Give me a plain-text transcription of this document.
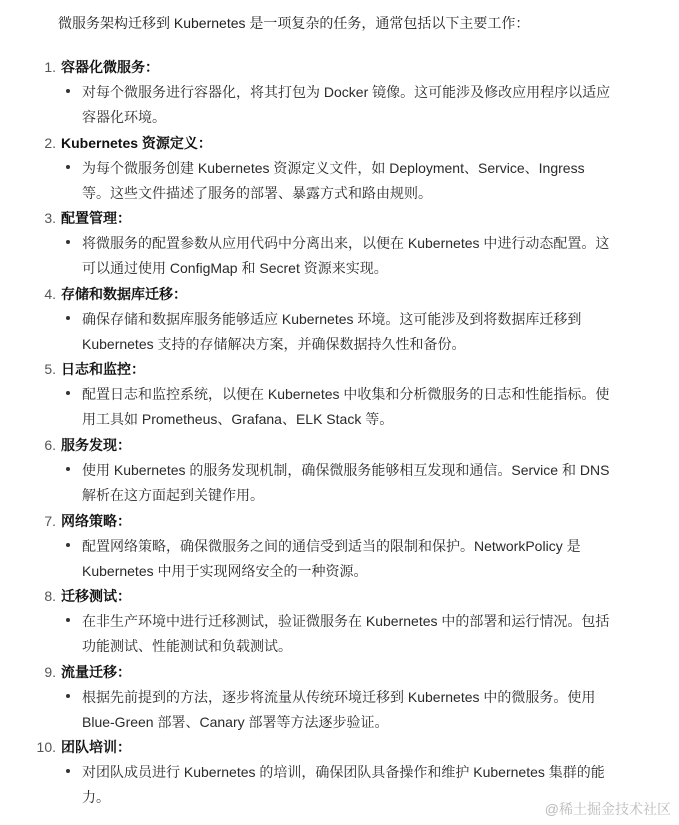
微服务架构迁移到 Kubernetes 是一项复杂的任务，通常包括以下主要工作：
1. 容器化微服务：
对每个微服务进行容器化，将其打包为 Docker 镜像。这可能涉及修改应用程序以适应容器化环境。
2. Kubernetes 资源定义：
为每个微服务创建 Kubernetes 资源定义文件，如 Deployment、Service、Ingress 等。这些文件描述了服务的部署、暴露方式和路由规则。
3. 配置管理：
将微服务的配置参数从应用代码中分离出来，以便在 Kubernetes 中进行动态配置。这可以通过使用 ConfigMap 和 Secret 资源来实现。
4. 存储和数据库迁移：
确保存储和数据库服务能够适应 Kubernetes 环境。这可能涉及到将数据库迁移到 Kubernetes 支持的存储解决方案，并确保数据持久性和备份。
5. 日志和监控：
配置日志和监控系统，以便在 Kubernetes 中收集和分析微服务的日志和性能指标。使用工具如 Prometheus、Grafana、ELK Stack 等。
6. 服务发现：
使用 Kubernetes 的服务发现机制，确保微服务能够相互发现和通信。Service 和 DNS 解析在这方面起到关键作用。
7. 网络策略：
配置网络策略，确保微服务之间的通信受到适当的限制和保护。NetworkPolicy 是 Kubernetes 中用于实现网络安全的一种资源。
8. 迁移测试：
在非生产环境中进行迁移测试，验证微服务在 Kubernetes 中的部署和运行情况。包括功能测试、性能测试和负载测试。
9. 流量迁移：
根据先前提到的方法，逐步将流量从传统环境迁移到 Kubernetes 中的微服务。使用 Blue-Green 部署、Canary 部署等方法逐步验证。
10. 团队培训：
对团队成员进行 Kubernetes 的培训，确保团队具备操作和维护 Kubernetes 集群的能力。
@稀土掘金技术社区
